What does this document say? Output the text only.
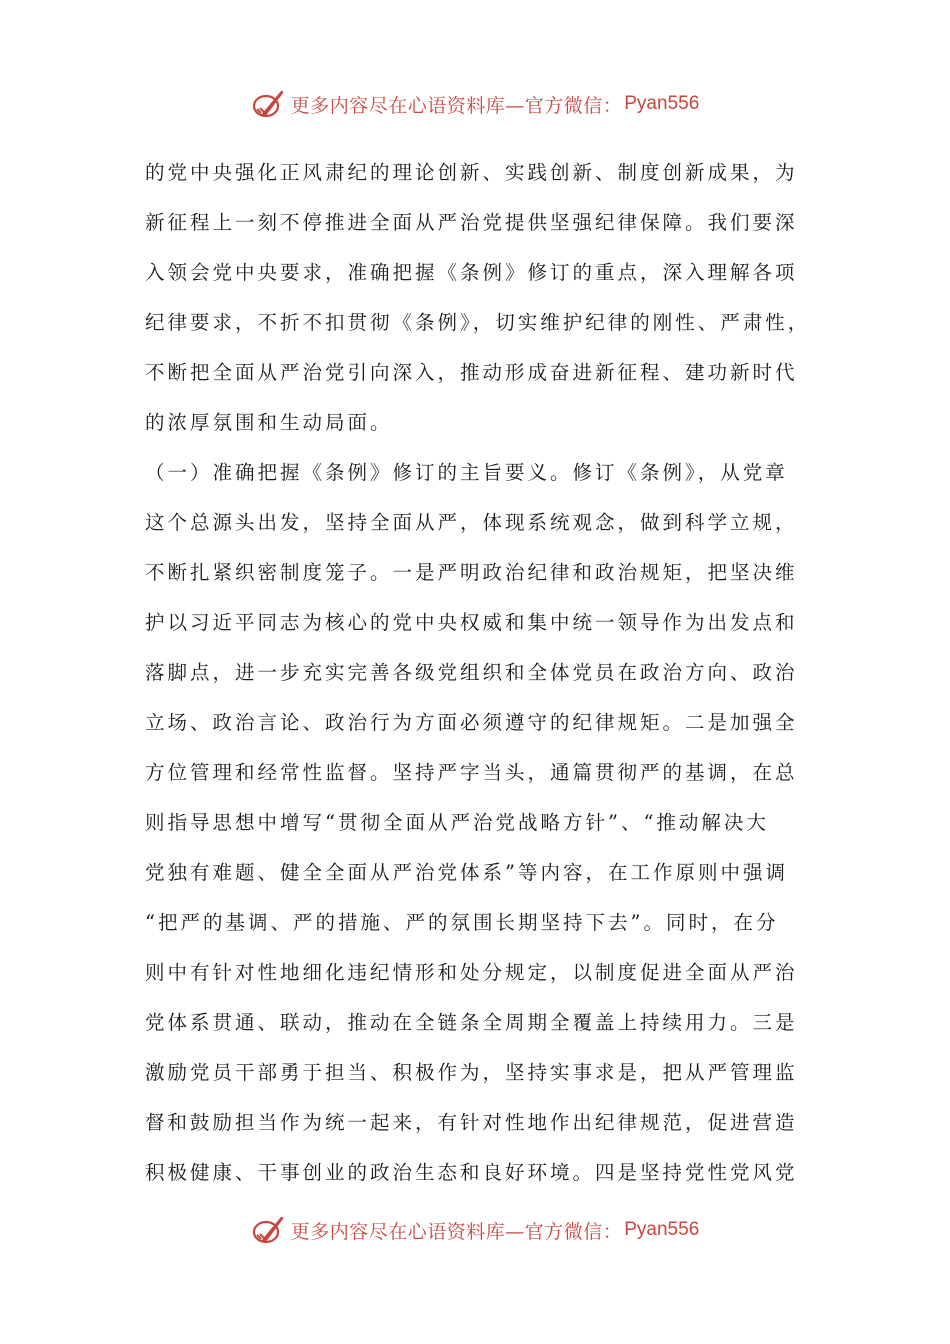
更多内容尽在心语资料库—官方微信： Pyan556
的党中央强化正风肃纪的理论创新、实践创新、制度创新成果，为
新征程上一刻不停推进全面从严治党提供坚强纪律保障。我们要深
入领会党中央要求，准确把握《条例》修订的重点，深入理解各项
纪律要求，不折不扣贯彻《条例》，切实维护纪律的刚性、严肃性，
不断把全面从严治党引向深入，推动形成奋进新征程、建功新时代
的浓厚氛围和生动局面。
（一）准确把握《条例》修订的主旨要义。修订《条例》，从党章
这个总源头出发，坚持全面从严，体现系统观念，做到科学立规，
不断扎紧织密制度笼子。一是严明政治纪律和政治规矩，把坚决维
护以习近平同志为核心的党中央权威和集中统一领导作为出发点和
落脚点，进一步充实完善各级党组织和全体党员在政治方向、政治
立场、政治言论、政治行为方面必须遵守的纪律规矩。二是加强全
方位管理和经常性监督。坚持严字当头，通篇贯彻严的基调，在总
则指导思想中增写“贯彻全面从严治党战略方针”、“推动解决大
党独有难题、健全全面从严治党体系”等内容，在工作原则中强调
“把严的基调、严的措施、严的氛围长期坚持下去”。同时，在分
则中有针对性地细化违纪情形和处分规定，以制度促进全面从严治
党体系贯通、联动，推动在全链条全周期全覆盖上持续用力。三是
激励党员干部勇于担当、积极作为，坚持实事求是，把从严管理监
督和鼓励担当作为统一起来，有针对性地作出纪律规范，促进营造
积极健康、干事创业的政治生态和良好环境。四是坚持党性党风党
更多内容尽在心语资料库—官方微信： Pyan556
